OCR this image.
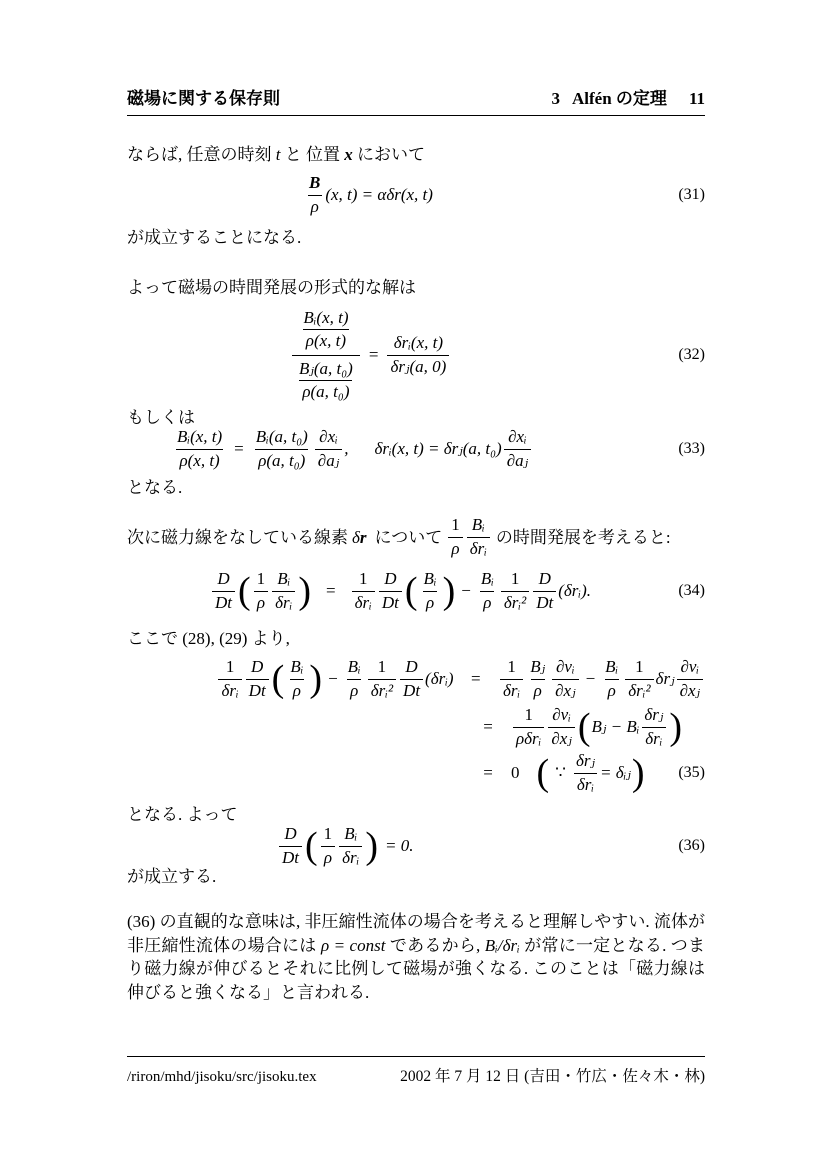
磁場に関する保存則	3 Alfén の定理 11
ならば, 任意の時刻 t と 位置 x において
$\frac{B}{\rho} (x$, t) = αδr(x, t)	(31)
が成立することになる.
よって磁場の時間発展の形式的な解は
$\frac{\frac{\text{Bᵢ(x, t)}}{\rho(x, t)}}{\frac{\text{Bⱼ(a, t₀)}}{\text{ρ(a, t₀)}}}$ =
δrᵢ(x, t)
δrⱼ(a, 0)
(32)
もしくは
$\frac{\text{Bᵢ(x, t)}}{\rho(x, t)} = \frac{\text{Bᵢ(a, t₀)}}{\text{ρ(a, t₀)}} \frac{\text{∂xᵢ}}{\text{∂aⱼ}}$ , δrᵢ(x, t) = δrⱼ(a, $t_0) \frac{\text{∂xᵢ}}{\text{∂aⱼ}}$	(33)
となる.
次に磁力線をなしている線素 δr について $\frac{1}{\rho}$ Bᵢ
δrᵢ
の時間発展を考えると:
$\frac{D}{Dt}$ ( $\frac{1}{\rho}$ Bᵢ
δrᵢ ) =
1
δrᵢ $\frac{D}{Dt}$ ( $\frac{\text{Bᵢ}}{\rho}$ ) − $\frac{\text{Bᵢ}}{\rho} 1$
δrᵢ² $\frac{D}{Dt}$ (δrᵢ).	(34)
ここで (28), (29) より,
1
δrᵢ $\frac{D}{Dt}$ ( $\frac{\text{Bᵢ}}{\rho}$ ) − $\frac{\text{Bᵢ}}{\rho} 1$
δrᵢ² $\frac{D}{Dt}$ (δrᵢ)	=
1
δrᵢ $\frac{\text{Bⱼ}}{\rho} \frac{\text{∂vᵢ}}{\text{∂xⱼ}} - \frac{\text{Bᵢ}}{\rho} 1$
δrᵢ²
δrⱼ $\frac{\text{∂vᵢ}}{\text{∂xⱼ}}$
=
1
ρδrᵢ $\frac{\text{∂vᵢ}}{\text{∂xⱼ}}$ ( Bⱼ − Bᵢ
δrⱼ
δrᵢ )
=	0 ( ∵
δrⱼ
δrᵢ
= δᵢⱼ ) (35)
となる. よって
$\frac{D}{Dt}$ ( $\frac{1}{\rho}$ Bᵢ
δrᵢ ) = 0.	(36)
が成立する.
(36) の直観的な意味は, 非圧縮性流体の場合を考えると理解しやすい. 流体が非圧縮性流体の場合には ρ = const であるから, Bᵢ/δrᵢ が常に一定となる. つまり磁力線が伸びるとそれに比例して磁場が強くなる. このことは「磁力線は伸びると強くなる」と言われる.
/riron/mhd/jisoku/src/jisoku.tex	2002 年 7 月 12 日 (吉田・竹広・佐々木・林)
